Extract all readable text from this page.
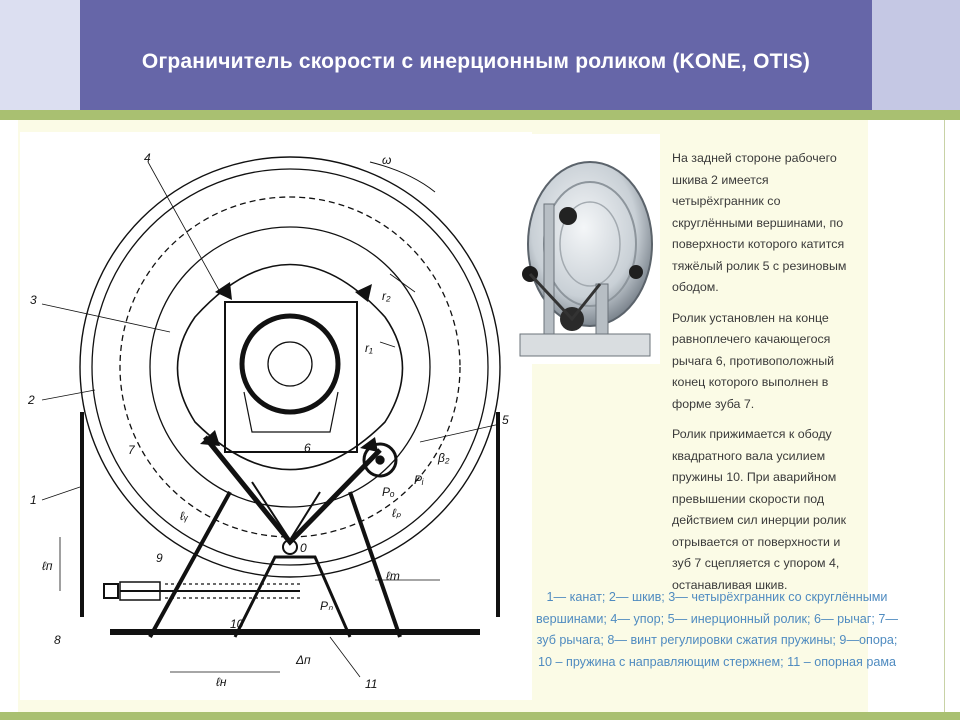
Ограничитель скорости с инерционным роликом (KONE, OTIS)
ω
4
3
2
1
5
6
7
8
9
10
11
0
r₁
r₂
β₂
Pₙ
Pₒ
Pᵢ
ℓᵧ	ℓₚ
ℓт
ℓн
ℓп
Δп

На задней стороне рабочего шкива 2 имеется четырёхгранник со скруглёнными вершинами, по поверхности которого катится тяжёлый ролик 5 с резиновым ободом.

Ролик установлен на конце равноплечего качающегося рычага 6, противоположный конец которого выполнен в форме зуба 7.

Ролик прижимается к ободу квадратного вала усилием пружины 10. При аварийном превышении скорости под действием сил инерции ролик отрывается от поверхности и зуб 7 сцепляется с упором 4, останавливая шкив.

1— канат; 2— шкив; 3— четырёхгранник со скруглёнными вершинами; 4— упор; 5— инерционный ролик; 6— рычаг; 7— зуб рычага; 8— винт регулировки сжатия пружины; 9—опора; 10 – пружина с направляющим стержнем; 11 – опорная рама
